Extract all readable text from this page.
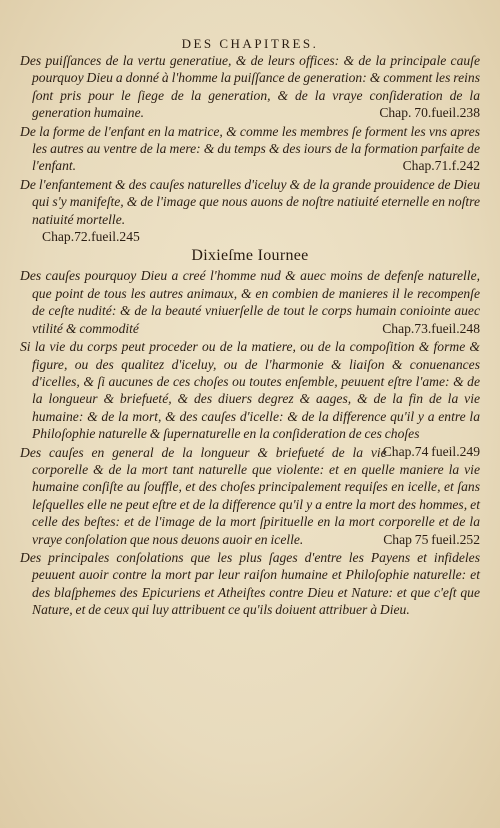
DES CHAPITRES.

Des puiſſances de la vertu generatiue, & de leurs offices: & de la principale cauſe pourquoy Dieu a donné à l'homme la puiſſance de generation: & comment les reins ſont pris pour le ſiege de la generation, & de la vraye conſideration de la generation humaine.	Chap. 70.fueil.238

De la forme de l'enfant en la matrice, & comme les membres ſe forment les vns apres les autres au ventre de la mere: & du temps & des iours de la formation parfaite de l'enfant.	Chap.71.f.242

De l'enfantement & des cauſes naturelles d'iceluy & de la grande prouidence de Dieu qui s'y manifeſte, & de l'image que nous auons de noſtre natiuité eternelle en noſtre natiuité mortelle.
Chap.72.fueil.245

Dixieſme Iournee

Des cauſes pourquoy Dieu a creé l'homme nud & auec moins de defenſe naturelle, que point de tous les autres animaux, & en combien de manieres il le recompenſe de ceſte nudité: & de la beauté vniuerſelle de tout le corps humain coniointe auec vtilité & commodité	Chap.73.fueil.248

Si la vie du corps peut proceder ou de la matiere, ou de la compoſition & forme & figure, ou des qualitez d'iceluy, ou de l'harmonie & liaiſon & conuenances d'icelles, & ſi aucunes de ces choſes ou toutes enſemble, peuuent eſtre l'ame: & de la longueur & briefueté, & des diuers degrez & aages, & de la fin de la vie humaine: & de la mort, & des cauſes d'icelle: & de la difference qu'il y a entre la Philoſophie naturelle & ſupernaturelle en la conſideration de ces choſes
Chap.74 fueil.249

Des cauſes en general de la longueur & briefueté de la vie corporelle & de la mort tant naturelle que violente: et en quelle maniere la vie humaine conſiſte au ſouffle, et des choſes principalement requiſes en icelle, et ſans leſquelles elle ne peut eſtre et de la difference qu'il y a entre la mort des hommes, et celle des beſtes: et de l'image de la mort ſpirituelle en la mort corporelle et de la vraye conſolation que nous deuons auoir en icelle.	Chap 75 fueil.252

Des principales conſolations que les plus ſages d'entre les Payens et infideles peuuent auoir contre la mort par leur raiſon humaine et Philoſophie naturelle: et des blaſphemes des Epicuriens et Atheiſtes contre Dieu et Nature: et que c'eſt que Nature, et de ceux qui luy attribuent ce qu'ils doiuent attribuer à Dieu.
